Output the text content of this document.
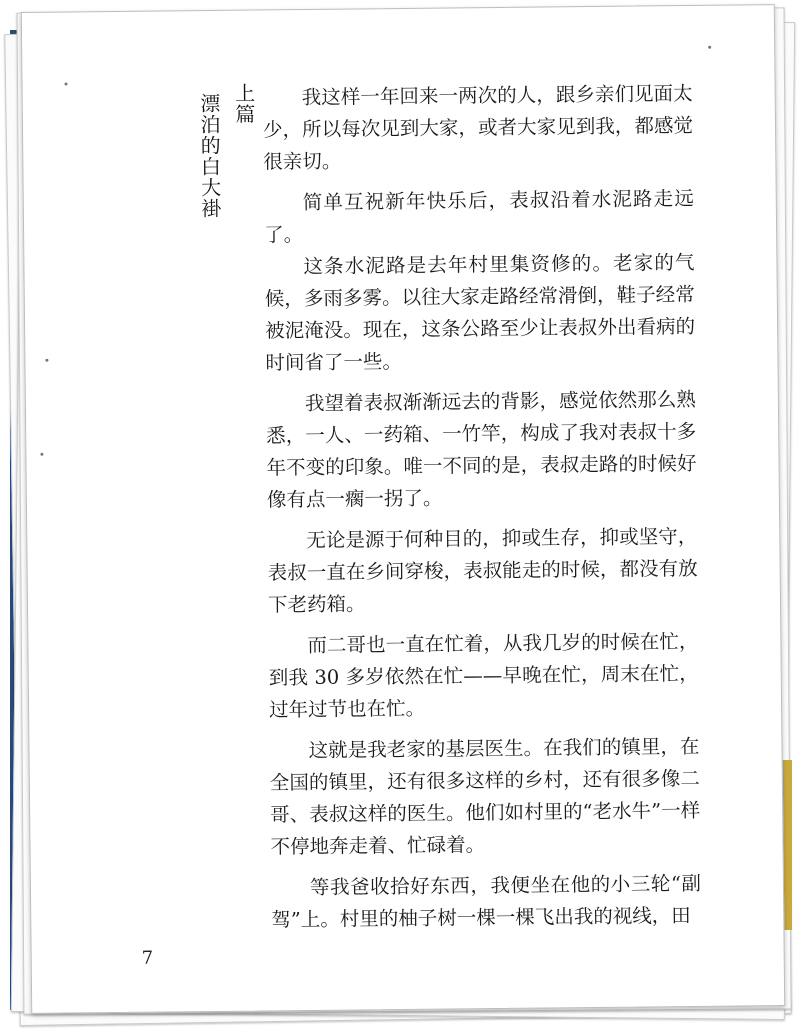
上篇
漂泊的白大褂	我这样一年回来一两次的人，跟乡亲们见面太少，所以每次见到大家，或者大家见到我，都感觉很亲切。

简单互祝新年快乐后，表叔沿着水泥路走远了。

这条水泥路是去年村里集资修的。老家的气候，多雨多雾。以往大家走路经常滑倒，鞋子经常被泥淹没。现在，这条公路至少让表叔外出看病的时间省了一些。

我望着表叔渐渐远去的背影，感觉依然那么熟悉，一人、一药箱、一竹竿，构成了我对表叔十多年不变的印象。唯一不同的是，表叔走路的时候好像有点一瘸一拐了。

无论是源于何种目的，抑或生存，抑或坚守，表叔一直在乡间穿梭，表叔能走的时候，都没有放下老药箱。

而二哥也一直在忙着，从我几岁的时候在忙，到我 30 多岁依然在忙——早晚在忙，周末在忙，过年过节也在忙。

这就是我老家的基层医生。在我们的镇里，在全国的镇里，还有很多这样的乡村，还有很多像二哥、表叔这样的医生。他们如村里的“老水牛”一样不停地奔走着、忙碌着。

等我爸收拾好东西，我便坐在他的小三轮“副驾”上。村里的柚子树一棵一棵飞出我的视线，田

7
